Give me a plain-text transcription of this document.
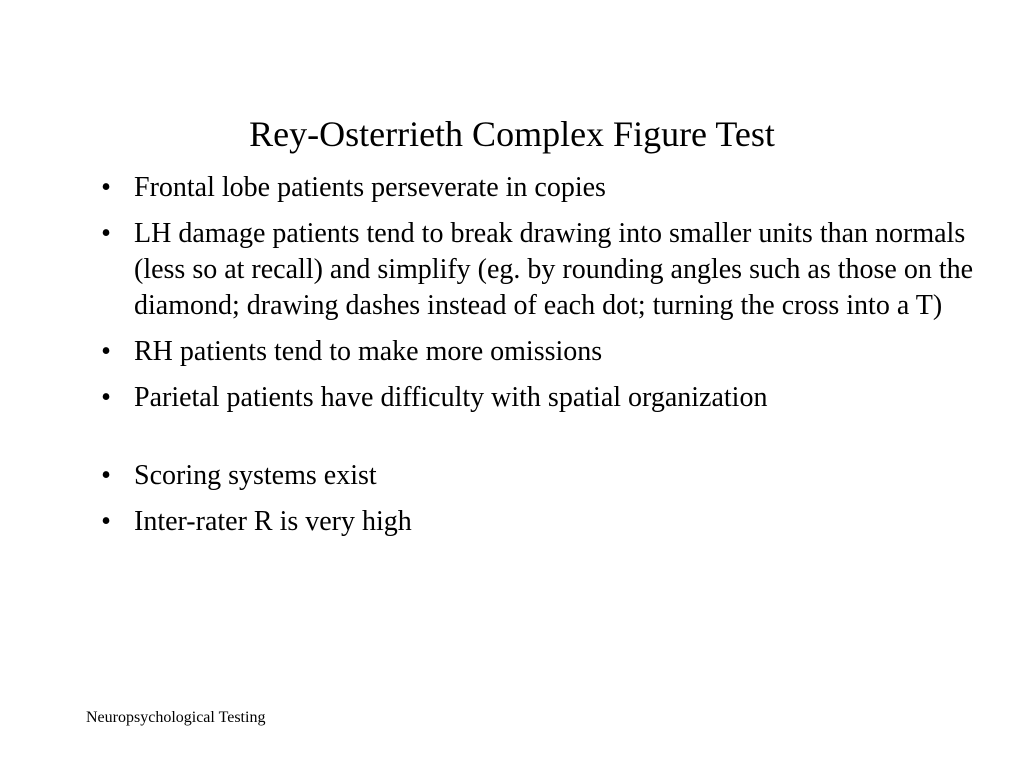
Rey-Osterrieth Complex Figure Test
• Frontal lobe patients perseverate in copies
• LH damage patients tend to break drawing into smaller units than normals (less so at recall) and simplify (eg. by rounding angles such as those on the diamond; drawing dashes instead of each dot; turning the cross into a T)
• RH patients tend to make more omissions
• Parietal patients have difficulty with spatial organization
• Scoring systems exist
• Inter-rater R is very high
Neuropsychological Testing
